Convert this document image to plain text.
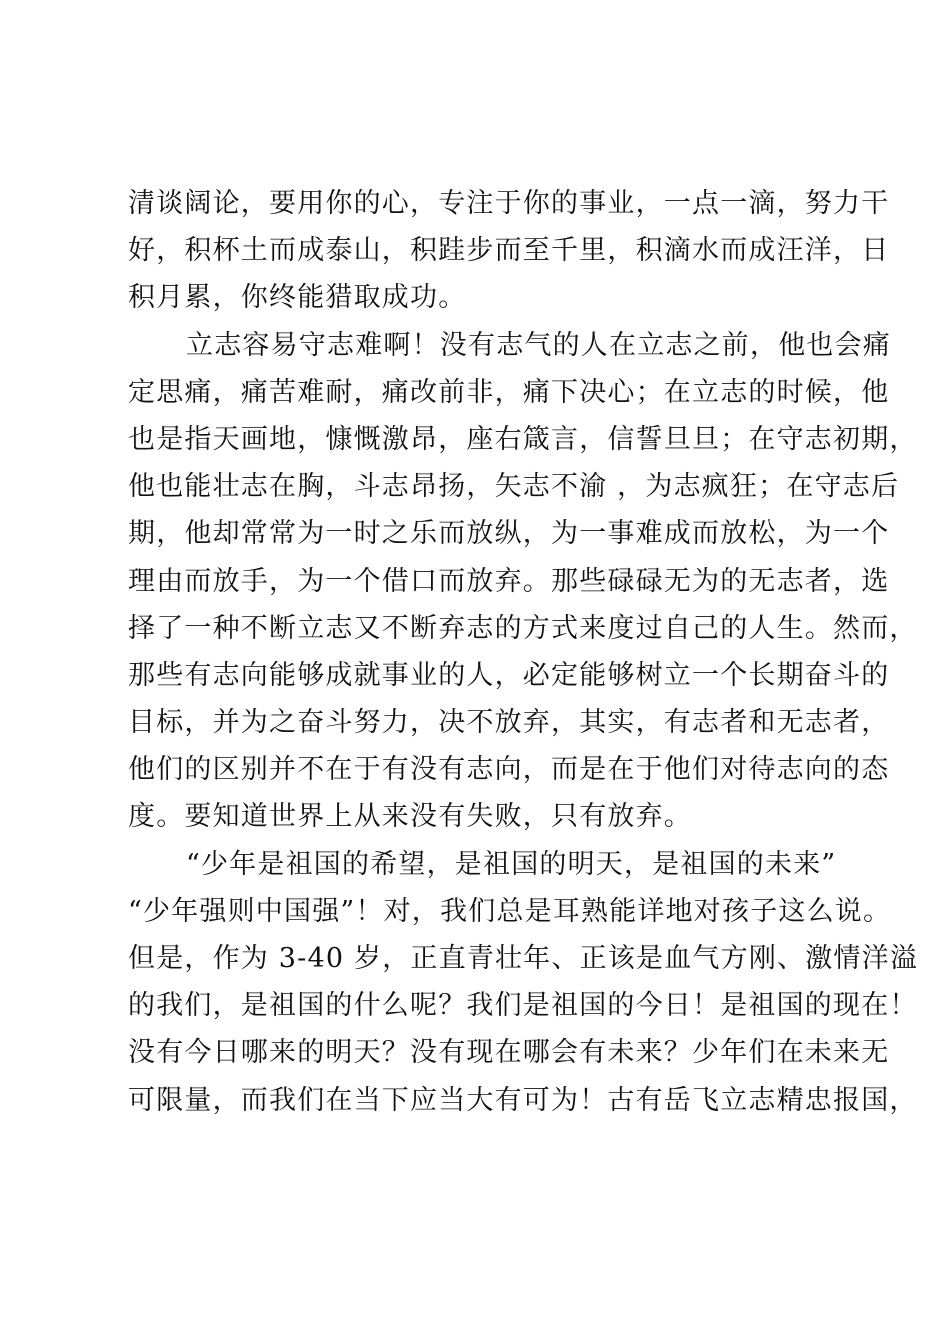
清谈阔论，要用你的心，专注于你的事业，一点一滴，努力干
好，积杯土而成泰山，积跬步而至千里，积滴水而成汪洋，日
积月累，你终能猎取成功。
立志容易守志难啊！没有志气的人在立志之前，他也会痛
定思痛，痛苦难耐，痛改前非，痛下决心；在立志的时候，他
也是指天画地，慷慨激昂，座右箴言，信誓旦旦；在守志初期，
他也能壮志在胸，斗志昂扬，矢志不渝 ，为志疯狂；在守志后
期，他却常常为一时之乐而放纵，为一事难成而放松，为一个
理由而放手，为一个借口而放弃。那些碌碌无为的无志者，选
择了一种不断立志又不断弃志的方式来度过自己的人生。然而，
那些有志向能够成就事业的人，必定能够树立一个长期奋斗的
目标，并为之奋斗努力，决不放弃，其实，有志者和无志者，
他们的区别并不在于有没有志向，而是在于他们对待志向的态
度。要知道世界上从来没有失败，只有放弃。
“少年是祖国的希望，是祖国的明天，是祖国的未来”
“少年强则中国强”！对，我们总是耳熟能详地对孩子这么说。
但是，作为 3-40 岁，正直青壮年、正该是血气方刚、激情洋溢
的我们，是祖国的什么呢？我们是祖国的今日！是祖国的现在！
没有今日哪来的明天？没有现在哪会有未来？少年们在未来无
可限量，而我们在当下应当大有可为！古有岳飞立志精忠报国，
